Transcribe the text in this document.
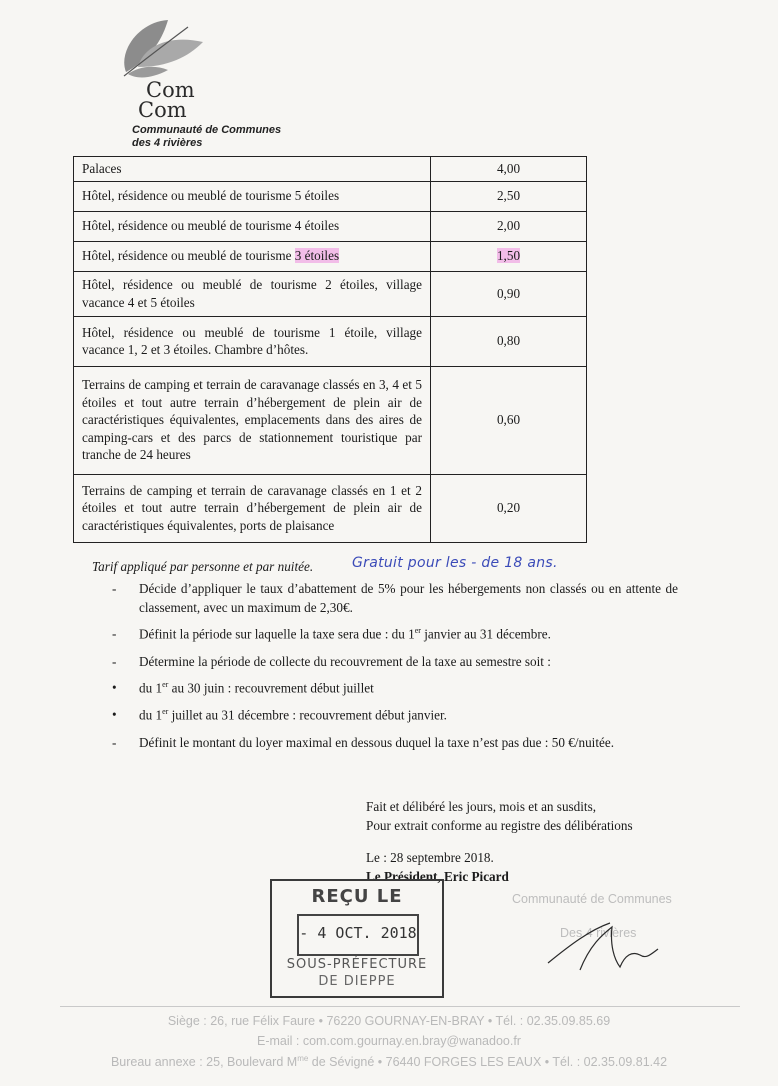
Com
Com
Communauté de Communes
des 4 rivières
Palaces	4,00
Hôtel, résidence ou meublé de tourisme 5 étoiles	2,50
Hôtel, résidence ou meublé de tourisme 4 étoiles	2,00
Hôtel, résidence ou meublé de tourisme 3 étoiles	1,50
Hôtel, résidence ou meublé de tourisme 2 étoiles, village vacance 4 et 5 étoiles	0,90
Hôtel, résidence ou meublé de tourisme 1 étoile, village vacance 1, 2 et 3 étoiles. Chambre d’hôtes.	0,80
Terrains de camping et terrain de caravanage classés en 3, 4 et 5 étoiles et tout autre terrain d’hébergement de plein air de caractéristiques équivalentes, emplacements dans des aires de camping-cars et des parcs de stationnement touristique par tranche de 24 heures	0,60
Terrains de camping et terrain de caravanage classés en 1 et 2 étoiles et tout autre terrain d’hébergement de plein air de caractéristiques équivalentes, ports de plaisance	0,20
Tarif appliqué par personne et par nuitée.	Gratuit pour les - de 18 ans.
- Décide d’appliquer le taux d’abattement de 5% pour les hébergements non classés ou en attente de classement, avec un maximum de 2,30€.
- Définit la période sur laquelle la taxe sera due : du 1er janvier au 31 décembre.
- Détermine la période de collecte du recouvrement de la taxe au semestre soit :
• du 1er au 30 juin : recouvrement début juillet
• du 1er juillet au 31 décembre : recouvrement début janvier.
- Définit le montant du loyer maximal en dessous duquel la taxe n’est pas due : 50 €/nuitée.
Fait et délibéré les jours, mois et an susdits,
Pour extrait conforme au registre des délibérations
Le : 28 septembre 2018.
Le Président, Eric Picard
Communauté de Communes
Des 4 rivières
REÇU LE
- 4 OCT. 2018
SOUS-PRÉFECTURE
DE DIEPPE
Siège : 26, rue Félix Faure • 76220 GOURNAY-EN-BRAY • Tél. : 02.35.09.85.69
E-mail : com.com.gournay.en.bray@wanadoo.fr
Bureau annexe : 25, Boulevard $M^{me}$ de Sévigné • 76440 FORGES LES EAUX • Tél. : 02.35.09.81.42
